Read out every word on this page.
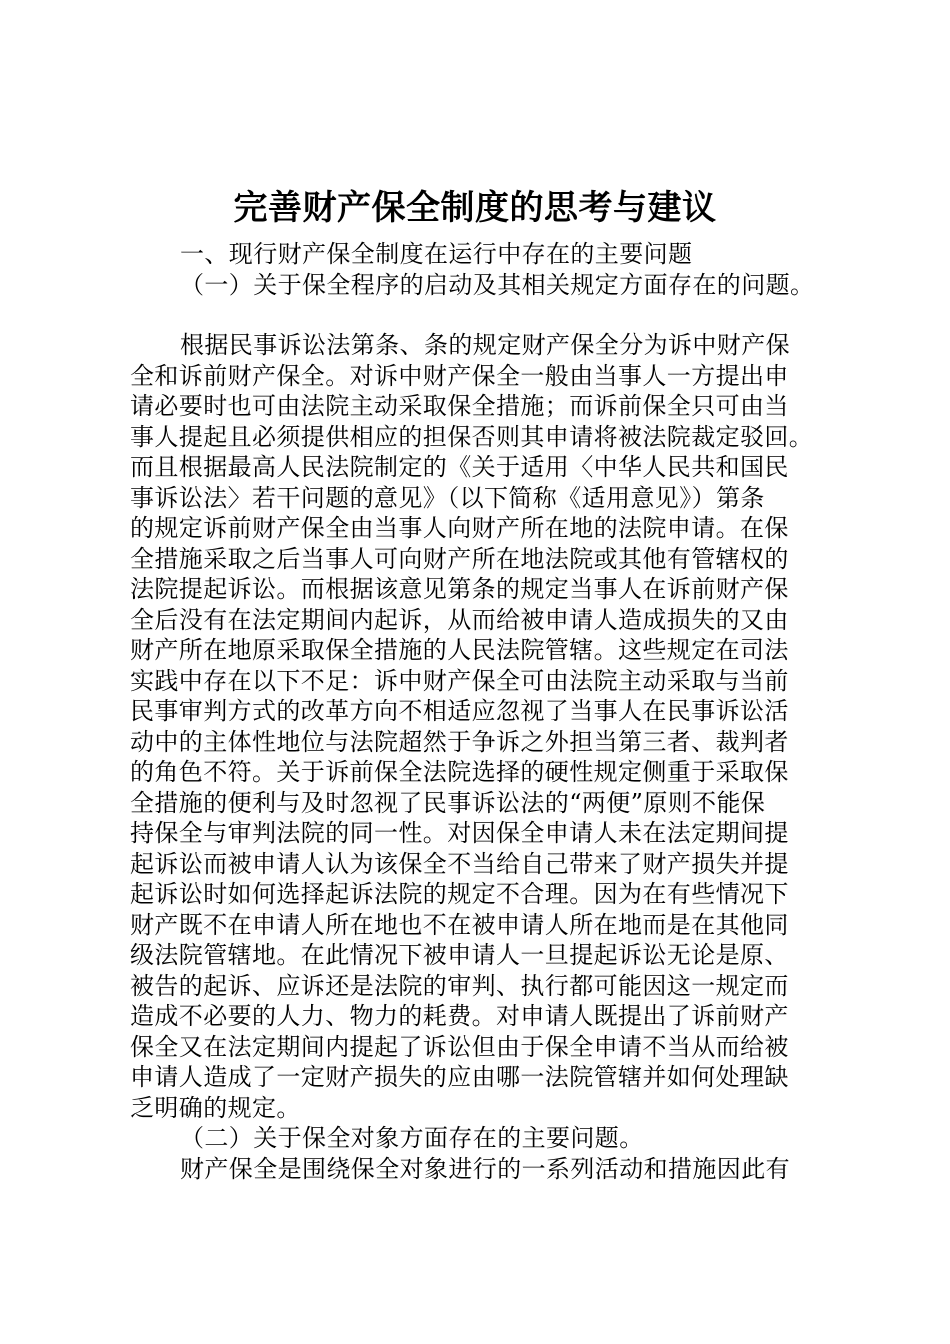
完善财产保全制度的思考与建议
一、现行财产保全制度在运行中存在的主要问题
（一）关于保全程序的启动及其相关规定方面存在的问题。
根据民事诉讼法第条、条的规定财产保全分为诉中财产保
全和诉前财产保全。对诉中财产保全一般由当事人一方提出申
请必要时也可由法院主动采取保全措施；而诉前保全只可由当
事人提起且必须提供相应的担保否则其申请将被法院裁定驳回。
而且根据最高人民法院制定的《关于适用〈中华人民共和国民
事诉讼法〉若干问题的意见》（以下简称《适用意见》）第条
的规定诉前财产保全由当事人向财产所在地的法院申请。在保
全措施采取之后当事人可向财产所在地法院或其他有管辖权的
法院提起诉讼。而根据该意见第条的规定当事人在诉前财产保
全后没有在法定期间内起诉，从而给被申请人造成损失的又由
财产所在地原采取保全措施的人民法院管辖。这些规定在司法
实践中存在以下不足：诉中财产保全可由法院主动采取与当前
民事审判方式的改革方向不相适应忽视了当事人在民事诉讼活
动中的主体性地位与法院超然于争诉之外担当第三者、裁判者
的角色不符。关于诉前保全法院选择的硬性规定侧重于采取保
全措施的便利与及时忽视了民事诉讼法的“两便”原则不能保
持保全与审判法院的同一性。对因保全申请人未在法定期间提
起诉讼而被申请人认为该保全不当给自己带来了财产损失并提
起诉讼时如何选择起诉法院的规定不合理。因为在有些情况下
财产既不在申请人所在地也不在被申请人所在地而是在其他同
级法院管辖地。在此情况下被申请人一旦提起诉讼无论是原、
被告的起诉、应诉还是法院的审判、执行都可能因这一规定而
造成不必要的人力、物力的耗费。对申请人既提出了诉前财产
保全又在法定期间内提起了诉讼但由于保全申请不当从而给被
申请人造成了一定财产损失的应由哪一法院管辖并如何处理缺
乏明确的规定。
（二）关于保全对象方面存在的主要问题。
财产保全是围绕保全对象进行的一系列活动和措施因此有
